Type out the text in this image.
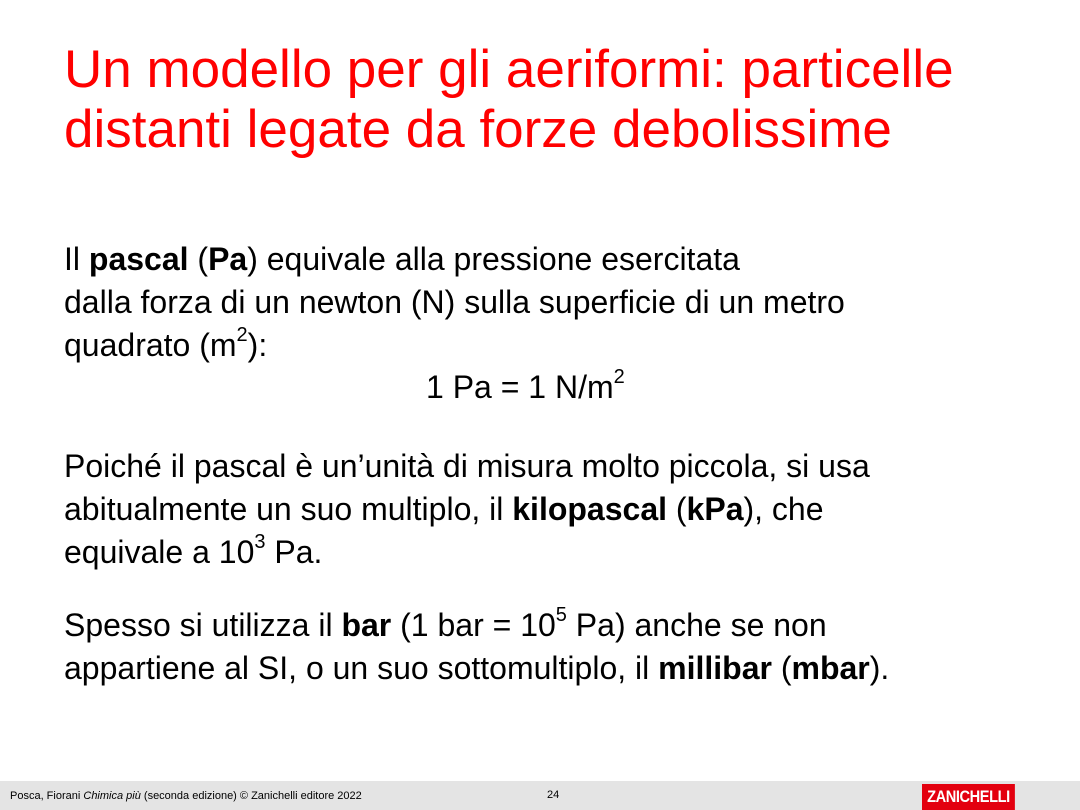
Un modello per gli aeriformi: particelle distanti legate da forze debolissime

Il pascal (Pa) equivale alla pressione esercitata
dalla forza di un newton (N) sulla superficie di un metro
quadrato $(m^2)$:

1 Pa = 1 $N/m^2$

Poiché il pascal è un’unità di misura molto piccola, si usa
abitualmente un suo multiplo, il kilopascal (kPa), che
equivale a $10^3$ Pa.

Spesso si utilizza il bar (1 bar = $10^5$ Pa) anche se non
appartiene al SI, o un suo sottomultiplo, il millibar (mbar).

Posca, Fiorani Chimica più (seconda edizione) © Zanichelli editore 2022	24	ZANICHELLI
